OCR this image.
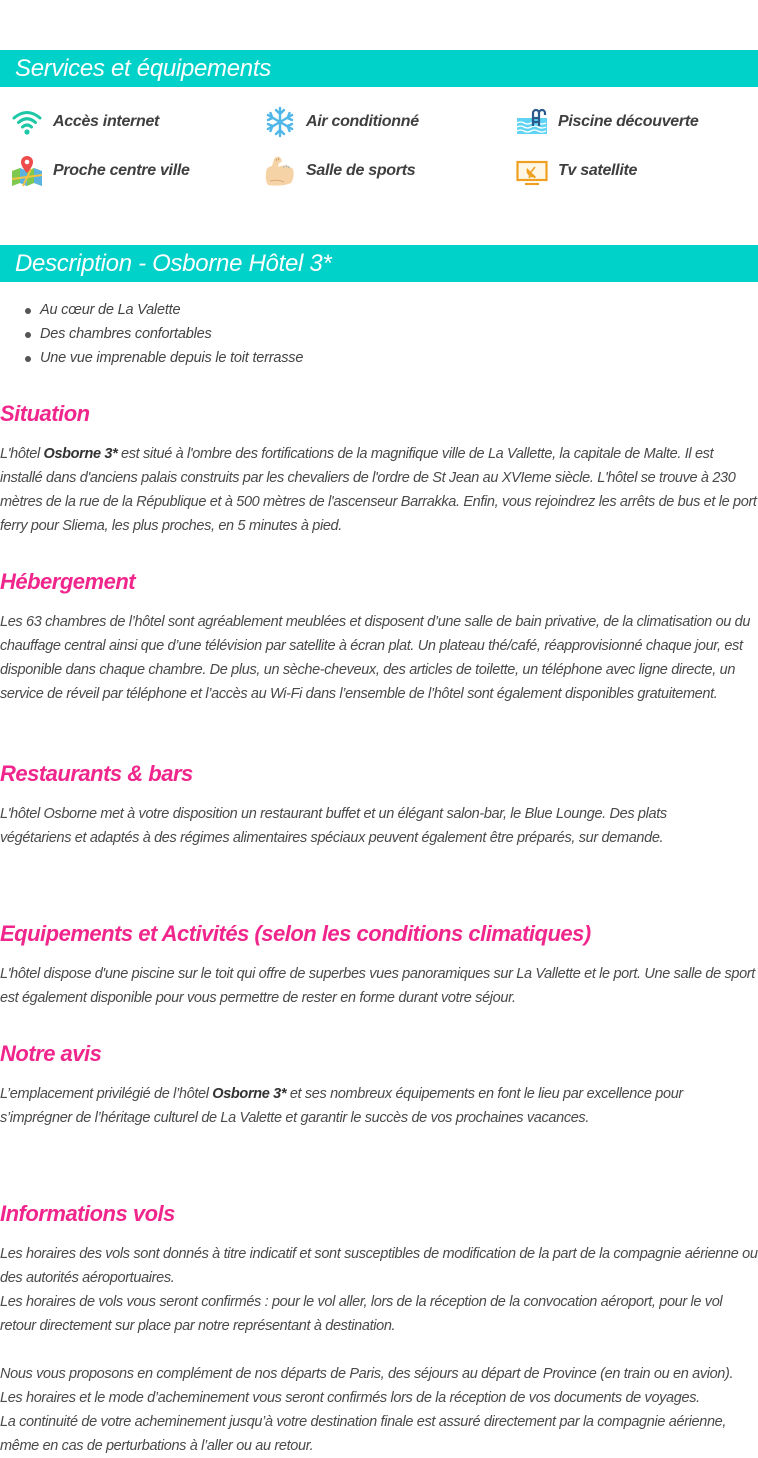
Services et équipements
Accès internet	Air conditionné	Piscine découverte
Proche centre ville	Salle de sports	Tv satellite
Description - Osborne Hôtel 3*
Au cœur de La Valette
Des chambres confortables
Une vue imprenable depuis le toit terrasse
Situation

L'hôtel Osborne 3* est situé à l'ombre des fortifications de la magnifique ville de La Vallette, la capitale de Malte. Il est installé dans d'anciens palais construits par les chevaliers de l'ordre de St Jean au XVIeme siècle. L'hôtel se trouve à 230 mètres de la rue de la République et à 500 mètres de l'ascenseur Barrakka. Enfin, vous rejoindrez les arrêts de bus et le port ferry pour Sliema, les plus proches, en 5 minutes à pied.

Hébergement

Les 63 chambres de l’hôtel sont agréablement meublées et disposent d’une salle de bain privative, de la climatisation ou du chauffage central ainsi que d’une télévision par satellite à écran plat. Un plateau thé/café, réapprovisionné chaque jour, est disponible dans chaque chambre. De plus, un sèche-cheveux, des articles de toilette, un téléphone avec ligne directe, un service de réveil par téléphone et l’accès au Wi-Fi dans l’ensemble de l’hôtel sont également disponibles gratuitement.

Restaurants & bars

L'hôtel Osborne met à votre disposition un restaurant buffet et un élégant salon-bar, le Blue Lounge. Des plats végétariens et adaptés à des régimes alimentaires spéciaux peuvent également être préparés, sur demande.

Equipements et Activités (selon les conditions climatiques)

L'hôtel dispose d'une piscine sur le toit qui offre de superbes vues panoramiques sur La Vallette et le port. Une salle de sport est également disponible pour vous permettre de rester en forme durant votre séjour.

Notre avis

L’emplacement privilégié de l’hôtel Osborne 3* et ses nombreux équipements en font le lieu par excellence pour s’imprégner de l’héritage culturel de La Valette et garantir le succès de vos prochaines vacances.

Informations vols

Les horaires des vols sont donnés à titre indicatif et sont susceptibles de modification de la part de la compagnie aérienne ou des autorités aéroportuaires.

Les horaires de vols vous seront confirmés : pour le vol aller, lors de la réception de la convocation aéroport, pour le vol retour directement sur place par notre représentant à destination.

Nous vous proposons en complément de nos départs de Paris, des séjours au départ de Province (en train ou en avion).

Les horaires et le mode d’acheminement vous seront confirmés lors de la réception de vos documents de voyages.

La continuité de votre acheminement jusqu’à votre destination finale est assuré directement par la compagnie aérienne, même en cas de perturbations à l’aller ou au retour.
